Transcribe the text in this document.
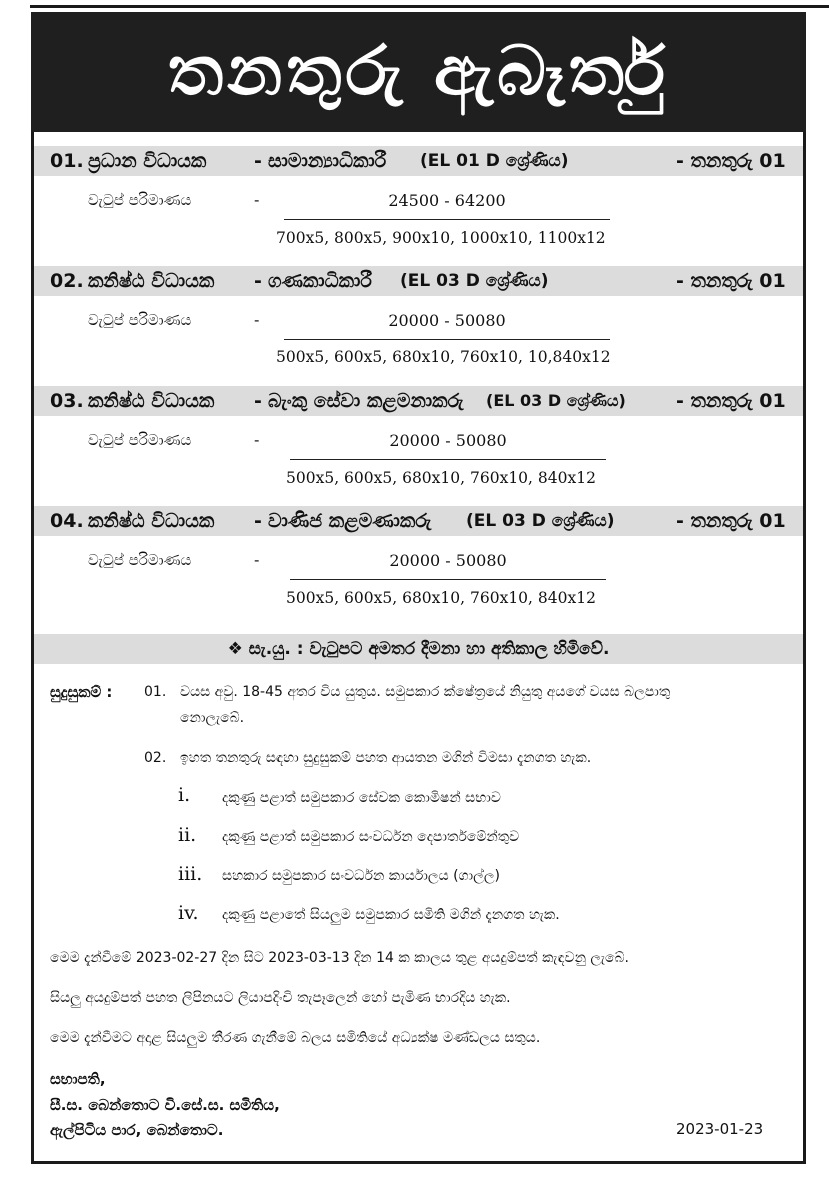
තනතුරු ඇබෑර්තු
01. ප්‍රධාන විධායක	- සාමාන්‍යාධිකාරී (EL 01 D ශ්‍රේණිය)	- තනතුරු 01
වැටුප් පරිමාණය	-	24500 - 64200
700x5, 800x5, 900x10, 1000x10, 1100x12
02. කනිෂ්ඨ විධායක - ගණකාධිකාරී (EL 03 D ශ්‍රේණිය)	- තනතුරු 01
වැටුප් පරිමාණය	-	20000 - 50080
500x5, 600x5, 680x10, 760x10, 10,840x12
03. කනිෂ්ඨ විධායක - බැංකු සේවා කළමනාකරු (EL 03 D ශ්‍රේණිය)	- තනතුරු 01
වැටුප් පරිමාණය	-	20000 - 50080
500x5, 600x5, 680x10, 760x10, 840x12
04. කනිෂ්ඨ විධායක - වාණිජ කළමණාකරු (EL 03 D ශ්‍රේණිය)	- තනතුරු 01
වැටුප් පරිමාණය	-	20000 - 50080
500x5, 600x5, 680x10, 760x10, 840x12
❖ සැ.යු. : වැටුපට අමතර දීමනා හා අතිකාල හිමිවේ.
සුදුසුකම් : 01. වයස අවු. 18-45 අතර විය යුතුය. සමුපකාර ක්ෂේත්‍රයේ නියුතු අයගේ වයස බලපාතු
නොලැබේ.
02. ඉහත තනතුරු සඳහා සුදුසුකම් පහත ආයතන මගින් විමසා දැනගත හැක.
i. දකුණු පළාත් සමුපකාර සේවක කොමිෂන් සභාව
ii. දකුණු පළාත් සමුපකාර සංවර්ධන දෙපාර්තමේන්තුව
iii. සහකාර සමුපකාර සංවර්ධන කාර්යාලය (ගාල්ල)
iv. දකුණු පළාතේ සියලුම සමුපකාර සමිති මගින් දැනගත හැක.
මෙම දැන්වීමේ 2023-02-27 දින සිට 2023-03-13 දින 14 ක කාලය තුළ අයදුම්පත් කැඳවනු ලැබේ.
සියලු අයදුම්පත් පහත ලිපිනයට ලියාපදිංචි තැපෑලෙන් හෝ පැමිණ භාරදිය හැක.
මෙම දැන්වීමට අදාළ සියලුම තීරණ ගැනීමේ බලය සමිතියේ අධ්‍යක්ෂ මණ්ඩලය සතුය.
සභාපති,
සී.ස. බෙන්තොට වි.සේ.ස. සමිතිය,
ඇල්පිටිය පාර, බෙන්තොට.	2023-01-23
